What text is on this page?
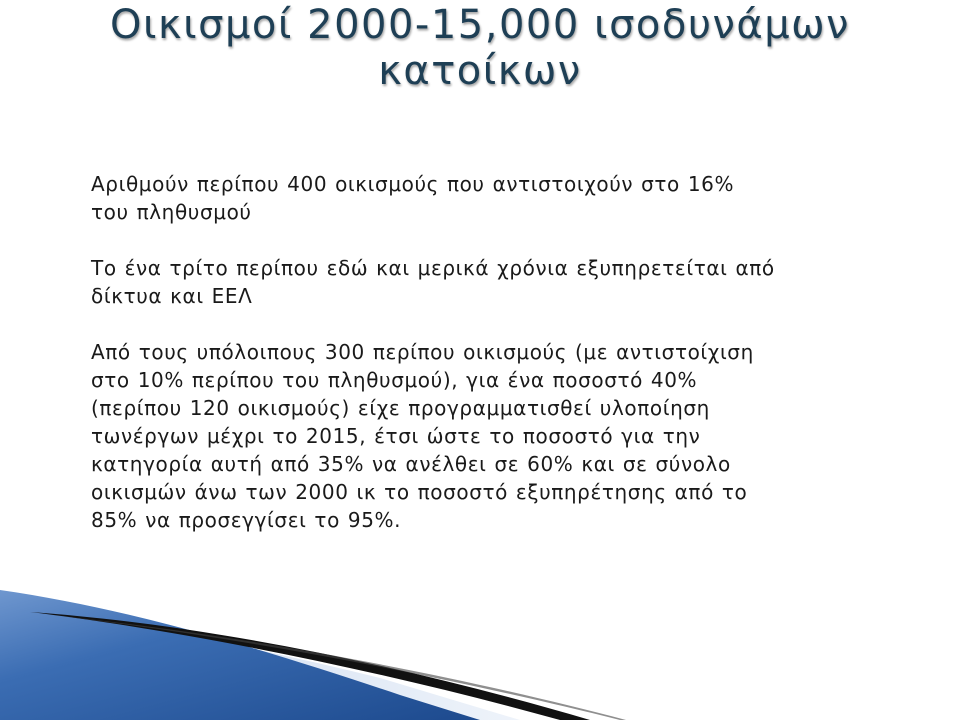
Οικισμοί 2000-15,000 ισοδυνάμων
κατοίκων

Αριθμούν περίπου 400 οικισμούς που αντιστοιχούν στο 16%
του πληθυσμού

Το ένα τρίτο περίπου εδώ και μερικά χρόνια εξυπηρετείται από
δίκτυα και ΕΕΛ

Από τους υπόλοιπους 300 περίπου οικισμούς (με αντιστοίχιση
στο 10% περίπου του πληθυσμού), για ένα ποσοστό 40%
(περίπου 120 οικισμούς) είχε προγραμματισθεί υλοποίηση
τωνέργων μέχρι το 2015, έτσι ώστε το ποσοστό για την
κατηγορία αυτή από 35% να ανέλθει σε 60% και σε σύνολο
οικισμών άνω των 2000 ικ το ποσοστό εξυπηρέτησης από το
85% να προσεγγίσει το 95%.
